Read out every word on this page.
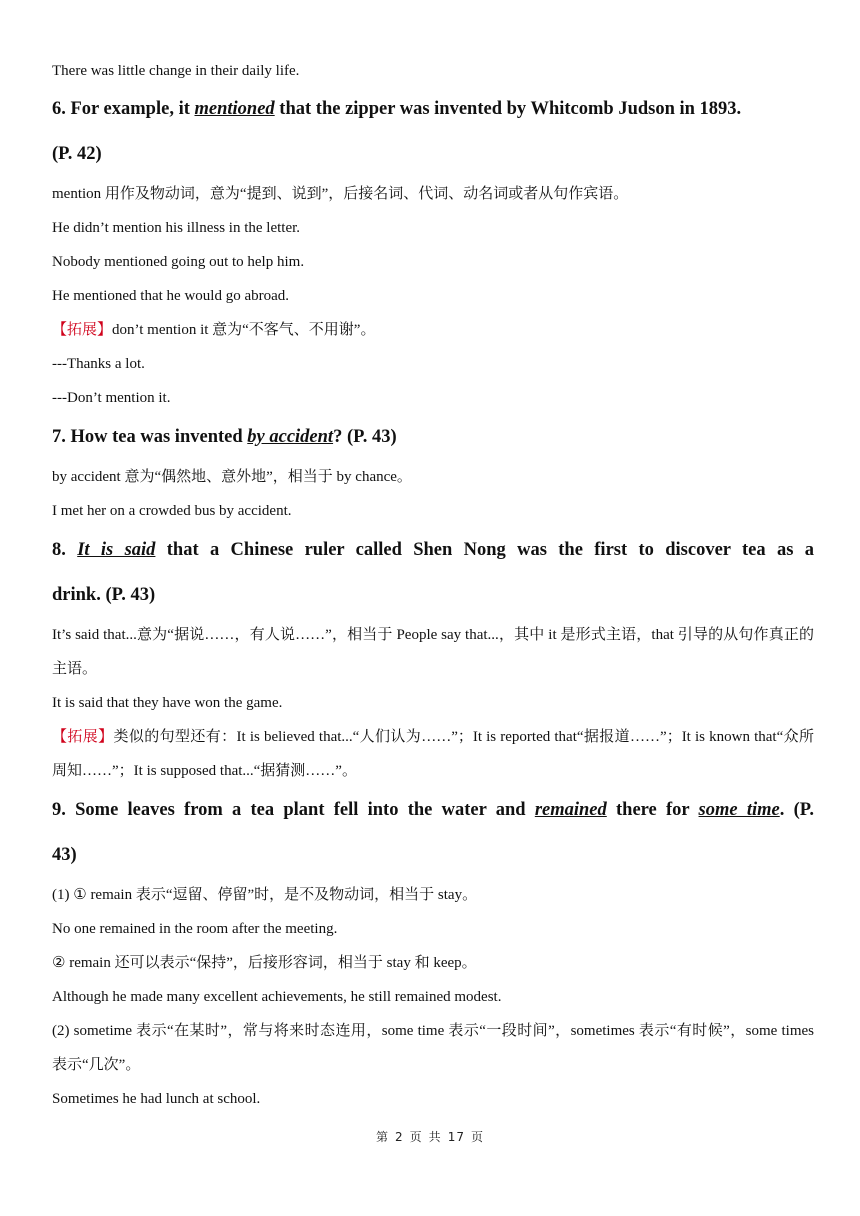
There was little change in their daily life.

6. For example, it mentioned that the zipper was invented by Whitcomb Judson in 1893.

(P. 42)

mention 用作及物动词，意为“提到、说到”，后接名词、代词、动名词或者从句作宾语。

He didn’t mention his illness in the letter.

Nobody mentioned going out to help him.

He mentioned that he would go abroad.

【拓展】don’t mention it 意为“不客气、不用谢”。

---Thanks a lot.

---Don’t mention it.

7. How tea was invented by accident? (P. 43)

by accident 意为“偶然地、意外地”，相当于 by chance。

I met her on a crowded bus by accident.

8. It is said that a Chinese ruler called Shen Nong was the first to discover tea as a

drink. (P. 43)

It’s said that...意为“据说……，有人说……”，相当于 People say that...，其中 it 是形式主语，that 引导的从句作真正的主语。

It is said that they have won the game.

【拓展】类似的句型还有：It is believed that...“人们认为……”；It is reported that“据报道……”；It is known that“众所周知……”；It is supposed that...“据猜测……”。

9. Some leaves from a tea plant fell into the water and remained there for some time. (P.

43)

(1) ① remain 表示“逗留、停留”时，是不及物动词，相当于 stay。

No one remained in the room after the meeting.

② remain 还可以表示“保持”，后接形容词，相当于 stay 和 keep。

Although he made many excellent achievements, he still remained modest.

(2) sometime 表示“在某时”，常与将来时态连用，some time 表示“一段时间”，sometimes 表示“有时候”，some times 表示“几次”。

Sometimes he had lunch at school.

第 2 页 共 17 页
